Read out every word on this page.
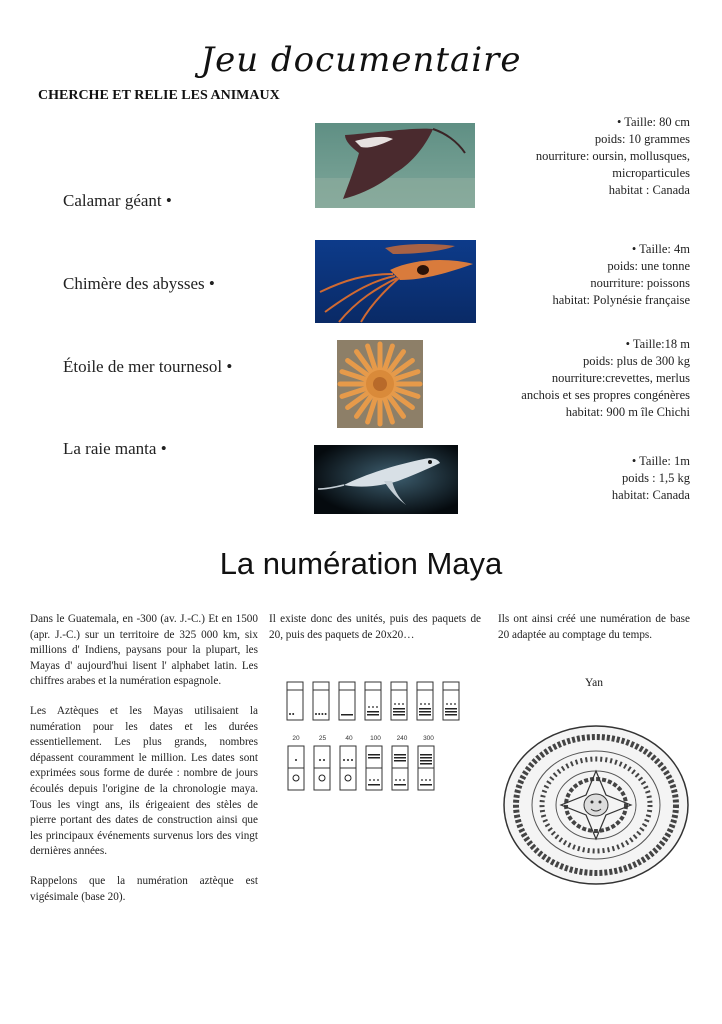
Jeu documentaire
CHERCHE ET RELIE LES ANIMAUX
Calamar géant •
Chimère des abysses •
Étoile de mer tournesol •
La raie manta •
• Taille: 80 cm
poids: 10 grammes
nourriture: oursin, mollusques,
microparticules
habitat : Canada
• Taille: 4m
poids: une tonne
nourriture: poissons
habitat: Polynésie française
• Taille:18 m
poids: plus de 300 kg
nourriture:crevettes, merlus
anchois et ses propres congénères
habitat: 900 m île Chichi
• Taille: 1m
poids : 1,5 kg
habitat: Canada
La numération Maya

Dans le Guatemala, en -300 (av. J.-C.) Et en 1500 (apr. J.-C.) sur un territoire de 325 000 km, six millions d' Indiens, paysans pour la plupart, les Mayas d' aujourd'hui lisent l' alphabet latin. Les chiffres arabes et la numération espagnole.

Les Aztèques et les Mayas utilisaient la numération pour les dates et les durées essentiellement. Les plus grands, nombres dépassent couramment le million. Les dates sont exprimées sous forme de durée : nombre de jours écoulés depuis l'origine de la chronologie maya. Tous les vingt ans, ils érigeaient des stèles de pierre portant des dates de construction ainsi que les principaux événements survenus lors des vingt dernières années.

Rappelons que la numération aztèque est vigésimale (base 20).

Il existe donc des unités, puis des paquets de 20, puis des paquets de 20x20…

Ils ont ainsi créé une numération de base 20 adaptée au comptage du temps.

Yan
20	25	40	100 240 300
